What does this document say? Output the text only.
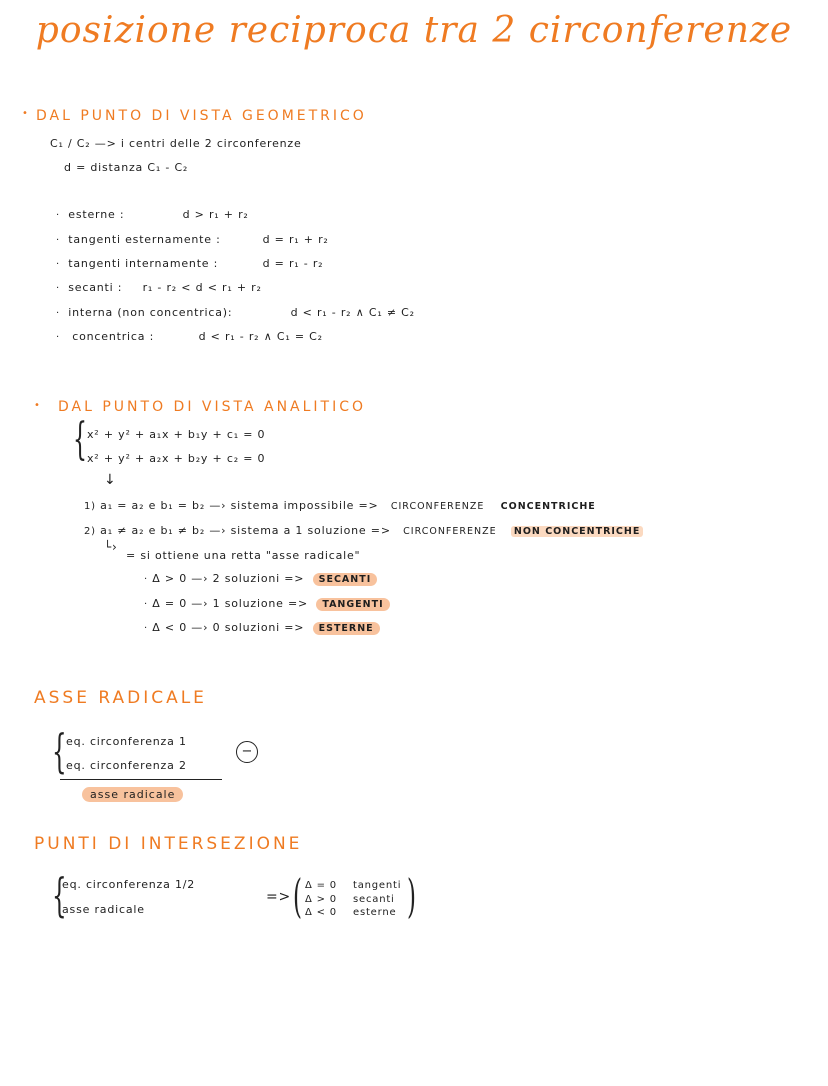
posizione reciproca tra 2 circonferenze
• DAL PUNTO DI VISTA GEOMETRICO
C₁ / C₂ —> i centri delle 2 circonferenze
d = distanza C₁ - C₂
· esterne :	d > r₁ + r₂
· tangenti esternamente :	d = r₁ + r₂
· tangenti internamente :	d = r₁ - r₂
· secanti : r₁ - r₂ < d < r₁ + r₂
· interna (non concentrica):	d < r₁ - r₂ ∧ C₁ ≠ C₂
· concentrica :	d < r₁ - r₂ ∧ C₁ = C₂
• DAL PUNTO DI VISTA ANALITICO
{ x² + y² + a₁x + b₁y + c₁ = 0
x² + y² + a₂x + b₂y + c₂ = 0
↓
1) a₁ = a₂ e b₁ = b₂ —› sistema impossibile => CIRCONFERENZE CONCENTRICHE
2) a₁ ≠ a₂ e b₁ ≠ b₂ —› sistema a 1 soluzione => CIRCONFERENZE NON CONCENTRICHE
└›
= si ottiene una retta "asse radicale"
· Δ > 0 —› 2 soluzioni => SECANTI
· Δ = 0 —› 1 soluzione => TANGENTI
· Δ < 0 —› 0 soluzioni => ESTERNE
ASSE RADICALE
{
eq. circonferenza 1
eq. circonferenza 2
−
asse radicale
PUNTI DI INTERSEZIONE
{
eq. circonferenza 1/2
asse radicale
=> ( Δ = 0 tangenti
Δ > 0 secanti
Δ < 0 esterne )
